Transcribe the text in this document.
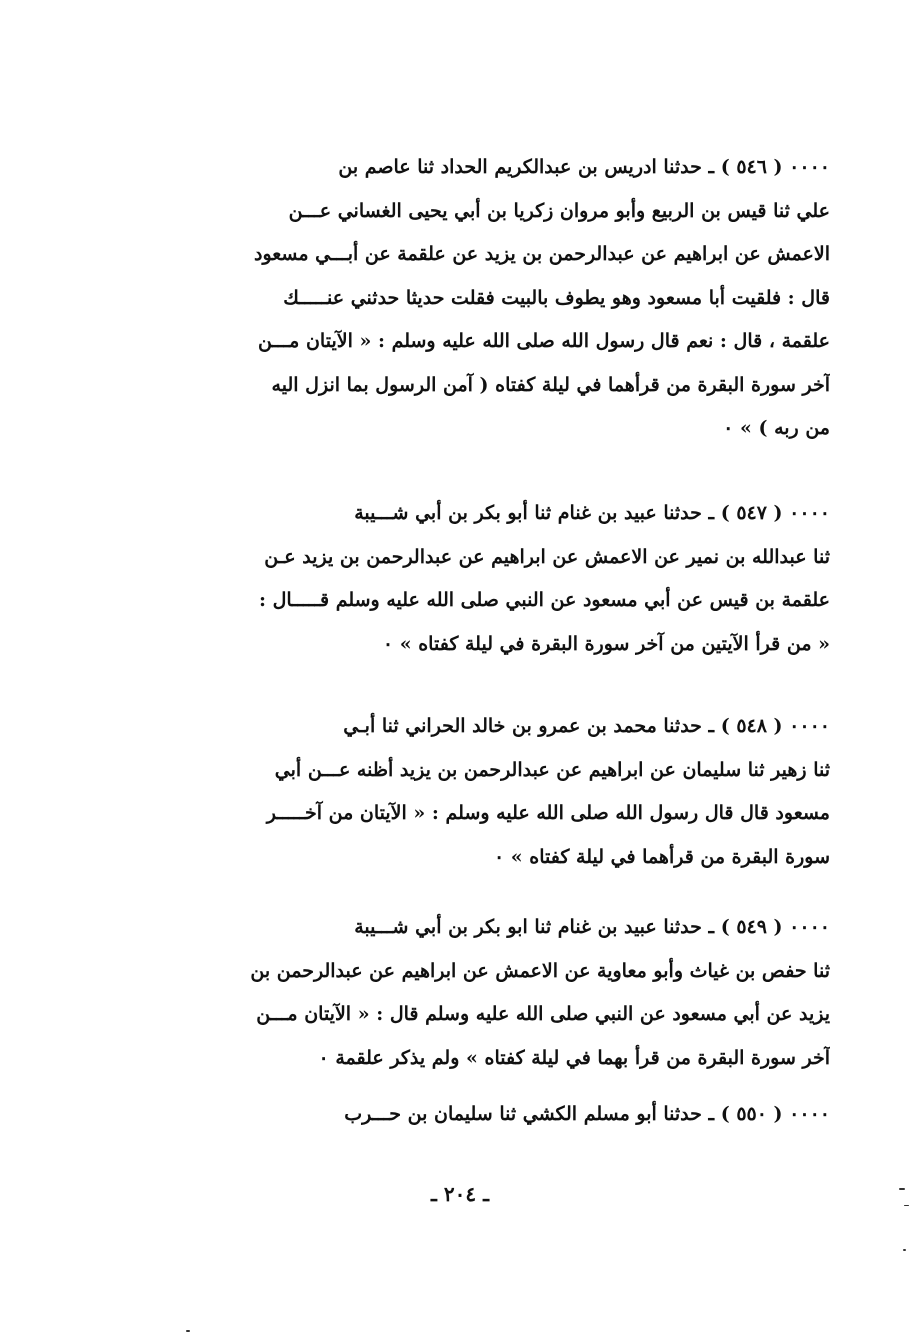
٠٠٠٠ ( ٥٤٦ ) ـ حدثنا ادريس بن عبدالكريم الحداد ثنا عاصم بن
علي ثنا قيس بن الربيع وأبو مروان زكريا بن أبي يحيى الغساني عـــن
الاعمش عن ابراهيم عن عبدالرحمن بن يزيد عن علقمة عن أبـــي مسعود
قال : فلقيت أبا مسعود وهو يطوف بالبيت فقلت حديثا حدثني عنـــــك
علقمة ، قال : نعم قال رسول الله صلى الله عليه وسلم : « الآيتان مـــن
آخر سورة البقرة من قرأهما في ليلة كفتاه ( آمن الرسول بما انزل اليه
من ربه ) » ٠
٠٠٠٠ ( ٥٤٧ ) ـ حدثنا عبيد بن غنام ثنا أبو بكر بن أبي شـــيبة
ثنا عبدالله بن نمير عن الاعمش عن ابراهيم عن عبدالرحمن بن يزيد عـن
علقمة بن قيس عن أبي مسعود عن النبي صلى الله عليه وسلم قـــــال :
« من قرأ الآيتين من آخر سورة البقرة في ليلة كفتاه » ٠
٠٠٠٠ ( ٥٤٨ ) ـ حدثنا محمد بن عمرو بن خالد الحراني ثنا أبـي
ثنا زهير ثنا سليمان عن ابراهيم عن عبدالرحمن بن يزيد أظنه عـــن أبي
مسعود قال قال رسول الله صلى الله عليه وسلم : « الآيتان من آخـــــر
سورة البقرة من قرأهما في ليلة كفتاه » ٠
٠٠٠٠ ( ٥٤٩ ) ـ حدثنا عبيد بن غنام ثنا ابو بكر بن أبي شـــيبة
ثنا حفص بن غياث وأبو معاوية عن الاعمش عن ابراهيم عن عبدالرحمن بن
يزيد عن أبي مسعود عن النبي صلى الله عليه وسلم قال : « الآيتان مـــن
آخر سورة البقرة من قرأ بهما في ليلة كفتاه » ولم يذكر علقمة ٠
٠٠٠٠ ( ٥٥٠ ) ـ حدثنا أبو مسلم الكشي ثنا سليمان بن حـــرب
ـ ٢٠٤ ـ
